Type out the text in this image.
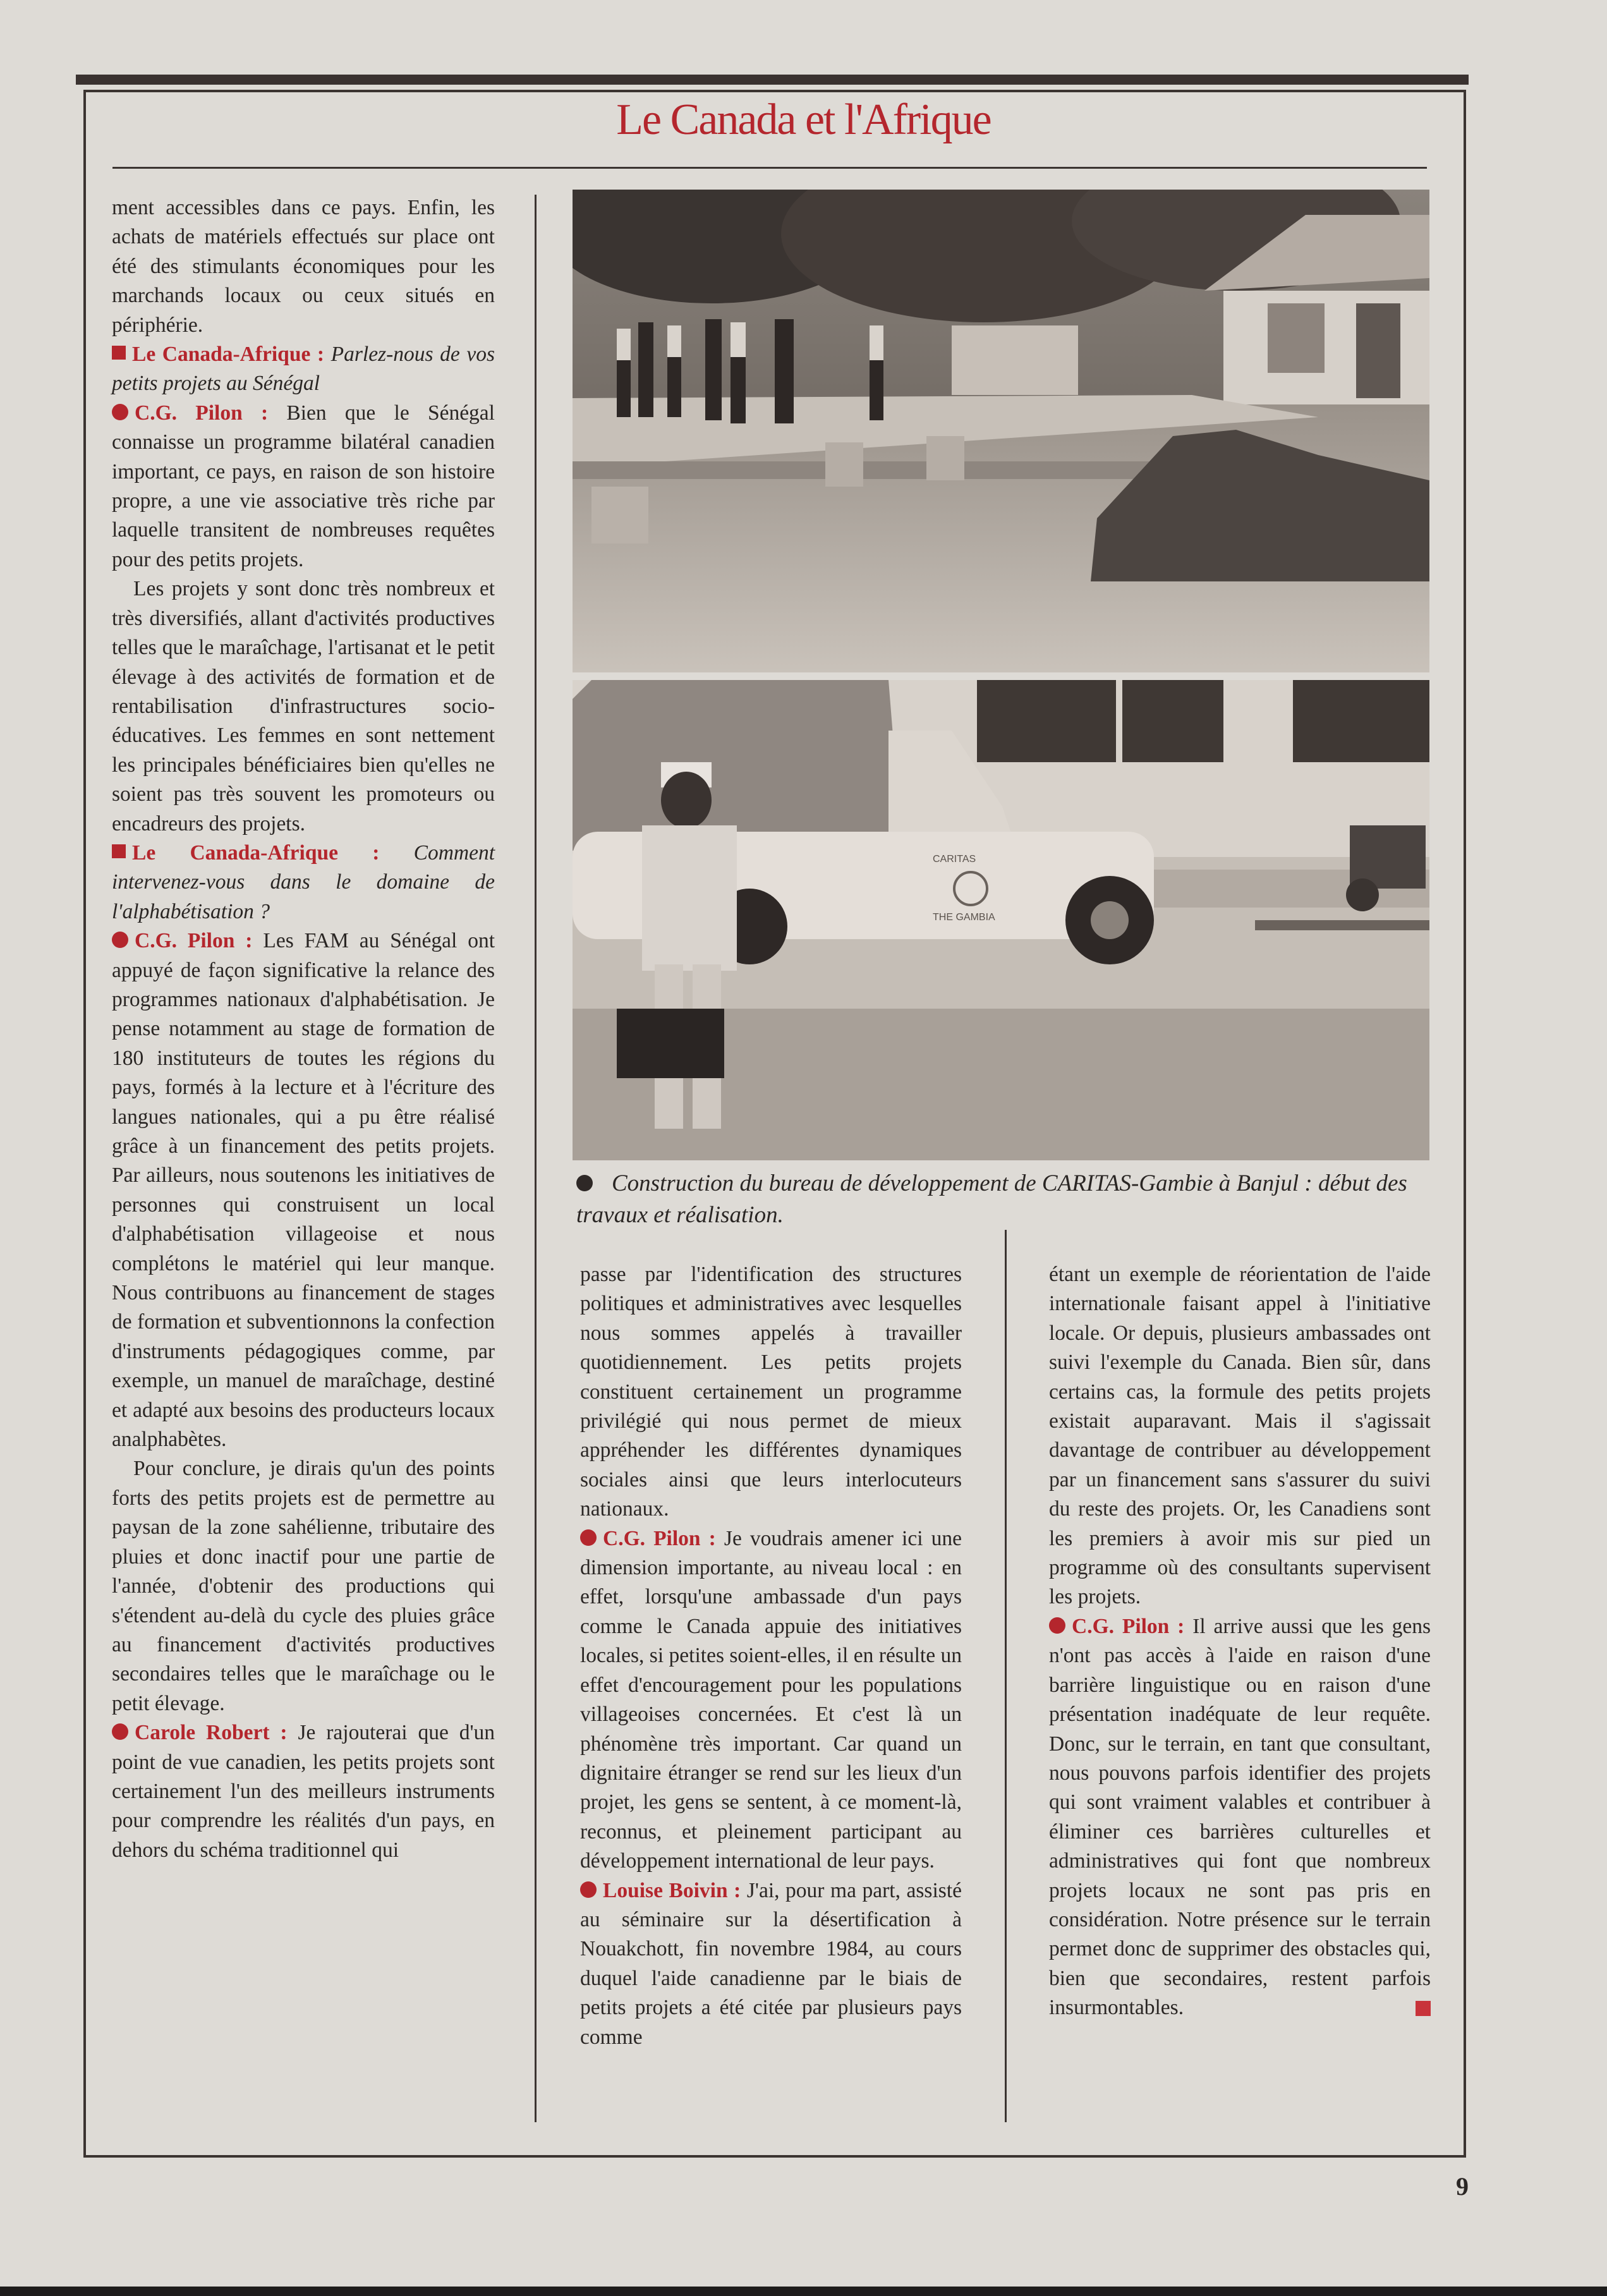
Le Canada et l'Afrique

ment accessibles dans ce pays. Enfin, les achats de matériels effectués sur place ont été des stimulants économiques pour les marchands locaux ou ceux situés en périphérie.

Le Canada-Afrique : Parlez-nous de vos petits projets au Sénégal

C.G. Pilon : Bien que le Sénégal connaisse un programme bilatéral canadien important, ce pays, en raison de son histoire propre, a une vie associative très riche par laquelle transitent de nombreuses requêtes pour des petits projets.

Les projets y sont donc très nombreux et très diversifiés, allant d'activités productives telles que le maraîchage, l'artisanat et le petit élevage à des activités de formation et de rentabilisation d'infrastructures socio-éducatives. Les femmes en sont nettement les principales bénéficiaires bien qu'elles ne soient pas très souvent les promoteurs ou encadreurs des projets.

Le Canada-Afrique : Comment intervenez-vous dans le domaine de l'alphabétisation ?

C.G. Pilon : Les FAM au Sénégal ont appuyé de façon significative la relance des programmes nationaux d'alphabétisation. Je pense notamment au stage de formation de 180 instituteurs de toutes les régions du pays, formés à la lecture et à l'écriture des langues nationales, qui a pu être réalisé grâce à un financement des petits projets. Par ailleurs, nous soutenons les initiatives de personnes qui construisent un local d'alphabétisation villageoise et nous complétons le matériel qui leur manque. Nous contribuons au financement de stages de formation et subventionnons la confection d'instruments pédagogiques comme, par exemple, un manuel de maraîchage, destiné et adapté aux besoins des producteurs locaux analphabètes.

Pour conclure, je dirais qu'un des points forts des petits projets est de permettre au paysan de la zone sahélienne, tributaire des pluies et donc inactif pour une partie de l'année, d'obtenir des productions qui s'étendent au-delà du cycle des pluies grâce au financement d'activités productives secondaires telles que le maraîchage ou le petit élevage.

Carole Robert : Je rajouterai que d'un point de vue canadien, les petits projets sont certainement l'un des meilleurs instruments pour comprendre les réalités d'un pays, en dehors du schéma traditionnel qui

CARITAS
THE GAMBIA
Construction du bureau de développement de CARITAS-Gambie à Banjul : début des travaux et réalisation.

passe par l'identification des structures politiques et administratives avec lesquelles nous sommes appelés à travailler quotidiennement. Les petits projets constituent certainement un programme privilégié qui nous permet de mieux appréhender les différentes dynamiques sociales ainsi que leurs interlocuteurs nationaux.

C.G. Pilon : Je voudrais amener ici une dimension importante, au niveau local : en effet, lorsqu'une ambassade d'un pays comme le Canada appuie des initiatives locales, si petites soient-elles, il en résulte un effet d'encouragement pour les populations villageoises concernées. Et c'est là un phénomène très important. Car quand un dignitaire étranger se rend sur les lieux d'un projet, les gens se sentent, à ce moment-là, reconnus, et pleinement participant au développement international de leur pays.

Louise Boivin : J'ai, pour ma part, assisté au séminaire sur la désertification à Nouakchott, fin novembre 1984, au cours duquel l'aide canadienne par le biais de petits projets a été citée par plusieurs pays comme

étant un exemple de réorientation de l'aide internationale faisant appel à l'initiative locale. Or depuis, plusieurs ambassades ont suivi l'exemple du Canada. Bien sûr, dans certains cas, la formule des petits projets existait auparavant. Mais il s'agissait davantage de contribuer au développement par un financement sans s'assurer du suivi du reste des projets. Or, les Canadiens sont les premiers à avoir mis sur pied un programme où des consultants supervisent les projets.

C.G. Pilon : Il arrive aussi que les gens n'ont pas accès à l'aide en raison d'une barrière linguistique ou en raison d'une présentation inadéquate de leur requête. Donc, sur le terrain, en tant que consultant, nous pouvons parfois identifier des projets qui sont vraiment valables et contribuer à éliminer ces barrières culturelles et administratives qui font que nombreux projets locaux ne sont pas pris en considération. Notre présence sur le terrain permet donc de supprimer des obstacles qui, bien que secondaires, restent parfois insurmontables.

9
